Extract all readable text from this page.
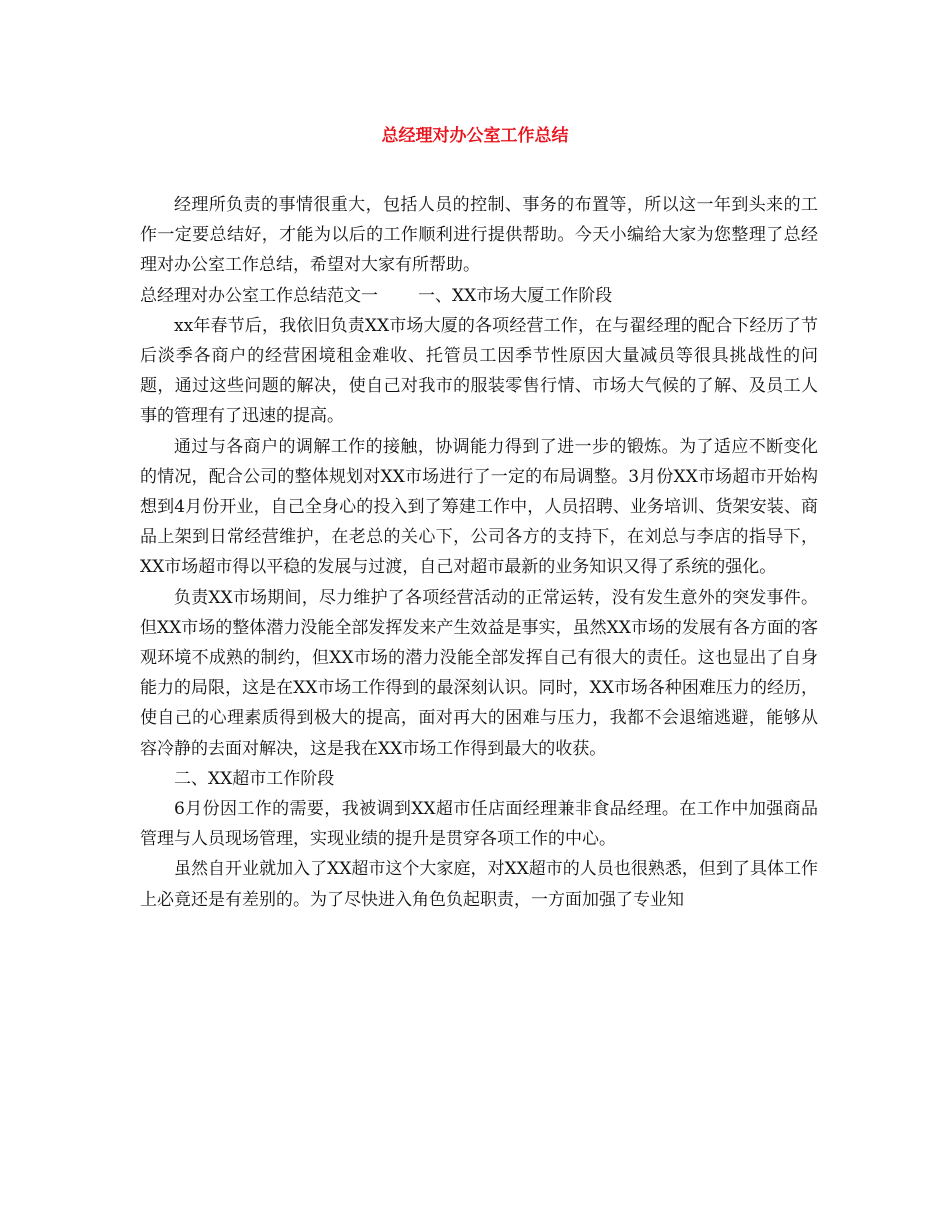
总经理对办公室工作总结

经理所负责的事情很重大，包括人员的控制、事务的布置等，所以这一年到头来的工作一定要总结好，才能为以后的工作顺利进行提供帮助。今天小编给大家为您整理了总经理对办公室工作总结，希望对大家有所帮助。

总经理对办公室工作总结范文一 一、XX市场大厦工作阶段

xx年春节后，我依旧负责XX市场大厦的各项经营工作，在与翟经理的配合下经历了节后淡季各商户的经营困境租金难收、托管员工因季节性原因大量减员等很具挑战性的问题，通过这些问题的解决，使自己对我市的服装零售行情、市场大气候的了解、及员工人事的管理有了迅速的提高。

通过与各商户的调解工作的接触，协调能力得到了进一步的锻炼。为了适应不断变化的情况，配合公司的整体规划对XX市场进行了一定的布局调整。3月份XX市场超市开始构想到4月份开业，自己全身心的投入到了筹建工作中，人员招聘、业务培训、货架安装、商品上架到日常经营维护，在老总的关心下，公司各方的支持下，在刘总与李店的指导下，XX市场超市得以平稳的发展与过渡，自己对超市最新的业务知识又得了系统的强化。

负责XX市场期间，尽力维护了各项经营活动的正常运转，没有发生意外的突发事件。但XX市场的整体潜力没能全部发挥发来产生效益是事实，虽然XX市场的发展有各方面的客观环境不成熟的制约，但XX市场的潜力没能全部发挥自己有很大的责任。这也显出了自身能力的局限，这是在XX市场工作得到的最深刻认识。同时，XX市场各种困难压力的经历，使自己的心理素质得到极大的提高，面对再大的困难与压力，我都不会退缩逃避，能够从容冷静的去面对解决，这是我在XX市场工作得到最大的收获。

二、XX超市工作阶段

6月份因工作的需要，我被调到XX超市任店面经理兼非食品经理。在工作中加强商品管理与人员现场管理，实现业绩的提升是贯穿各项工作的中心。

虽然自开业就加入了XX超市这个大家庭，对XX超市的人员也很熟悉，但到了具体工作上必竟还是有差别的。为了尽快进入角色负起职责，一方面加强了专业知
